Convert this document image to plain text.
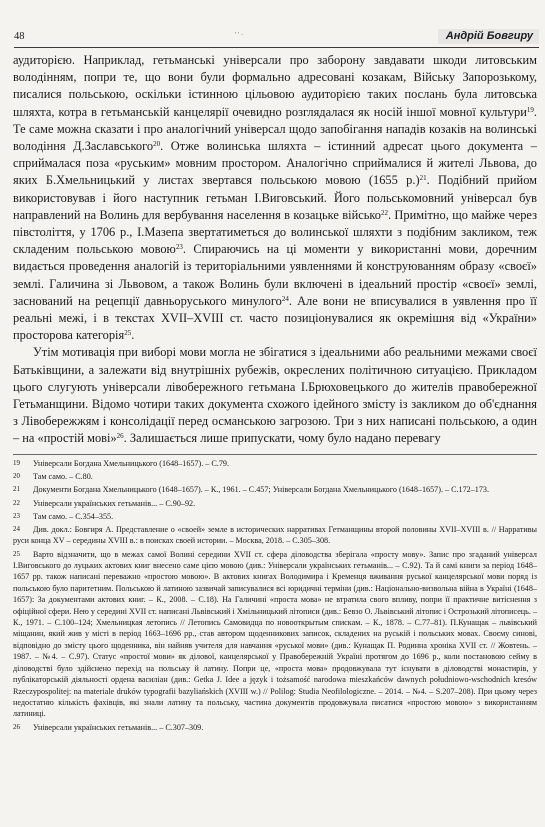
48	Андрій Бовгиру
' ' ·

аудиторією. Наприклад, гетьманські універсали про заборону завдавати шкоди литовським володінням, попри те, що вони були формально адресовані козакам, Війську Запорозькому, писалися польською, оскільки істинною цільовою аудиторією таких послань була литовська шляхта, котра в гетьманській канцелярії очевидно розглядалася як носій іншої мовної культури$^{19}$. Те саме можна сказати і про аналогічний універсал щодо запобігання нападів козаків на волинські володіння Д.Заславського$^{20}$. Отже волинська шляхта – істинний адресат цього документа – сприймалася поза «руським» мовним простором. Аналогічно сприймалися й жителі Львова, до яких Б.Хмельницький у листах звертався польською мовою (1655 р.)$^{21}$. Подібний прийом використовував і його наступник гетьман І.Виговський. Його польськомовний універсал був направлений на Волинь для вербування населення в козацьке військо$^{22}$. Примітно, що майже через півстоліття, у 1706 р., І.Мазепа звертатиметься до волинської шляхти з подібним закликом, теж складеним польською мовою$^{23}$. Спираючись на ці моменти у використанні мови, доречним видається проведення аналогій із територіальними уявленнями й конструюванням образу «своєї» землі. Галичина зі Львовом, а також Волинь були включені в ідеальний простір «своєї» землі, заснований на рецепції давньоруського минулого$^{24}$. Але вони не вписувалися в уявлення про її реальні межі, і в текстах XVII–XVIII ст. часто позиціонувалися як окремішня від «України» просторова категорія$^{25}$.

Утім мотивація при виборі мови могла не збігатися з ідеальними або реальними межами своєї Батьківщини, а залежати від внутрішніх рубежів, окреслених політичною ситуацією. Прикладом цього слугують універсали лівобережного гетьмана І.Брюховецького до жителів правобережної Гетьманщини. Відомо чотири таких документа схожого ідейного змісту із закликом до об'єднання з Лівобережжям і консолідації перед османською загрозою. Три з них написані польською, а один – на «простій мові»$^{26}$. Залишається лише припускати, чому було надано перевагу

19 Універсали Богдана Хмельницького (1648–1657). – С.79.
20 Там само. – С.80.
21 Документи Богдана Хмельницького (1648–1657). – К., 1961. – С.457; Універсали Богдана Хмельницького (1648–1657). – С.172–173.
22 Універсали українських гетьманів... – С.90–92.
23 Там само. – С.354–355.
24 Див. докл.: Бовгиря А. Представление о «своей» земле в исторических нарративах Гетманщины второй половины XVII–XVIII в. // Нарративы руси конца XV – середины XVIII в.: в поисках своей истории. – Москва, 2018. – С.305–308.
25 Варто відзначити, що в межах самої Волині середини XVII ст. сфера діловодства зберігала «просту мову». Запис про згаданий універсал І.Виговського до луцьких актових книг внесено саме цією мовою (див.: Універсали українських гетьманів... – С.92). Та й самі книги за період 1648–1657 рр. також написані переважно «простою мовою». В актових книгах Володимира і Кременця вживання руської канцелярської мови поряд із польською було паритетним. Польською й латиною зазвичай записувалися всі юридичні терміни (див.: Національно-визвольна війна в Україні (1648–1657): За документами актових книг. – К., 2008. – С.18). На Галичині «проста мова» не втратила свого впливу, попри її практичне витіснення з офіційної сфери. Нею у середині XVII ст. написані Львівський і Хмільницький літописи (див.: Бевзо О. Львівський літопис і Острозький літописець. – К., 1971. – С.100–124; Хмельницкая летопись // Летопись Самовидца по новооткрытым спискам. – К., 1878. – С.77–81). П.Кунащак – львівський міщанин, який жив у місті в період 1663–1696 рр., став автором щоденникових записок, складених на руській і польських мовах. Своєму синові, відповідно до змісту цього щоденника, він найняв учителя для навчання «руської мови» (див.: Кунащак П. Родинна хроніка XVII ст. // Жовтень. – 1987. – №4. – С.97). Статус «простої мови» як ділової, канцелярської у Правобережній Україні протягом до 1696 р., коли постановою сейму в діловодстві було здійснено перехід на польську й латину. Попри це, «проста мова» продовжувала тут існувати в діловодстві монастирів, у публікаторській діяльності ордена василіан (див.: Getka J. Idee a język i tożsamość narodowa mieszkańców dawnych południowo-wschodnich kresów Rzeczypospolitej: na materiale druków typografii bazyliańskich (XVIII w.) // Polilog: Studia Neofilologiczne. – 2014. – №4. – S.207–208). При цьому через недостатню кількість фахівців, які знали латину та польську, частина документів продовжувала писатися «простою мовою» з використанням латиниці.
26 Універсали українських гетьманів... – С.307–309.
